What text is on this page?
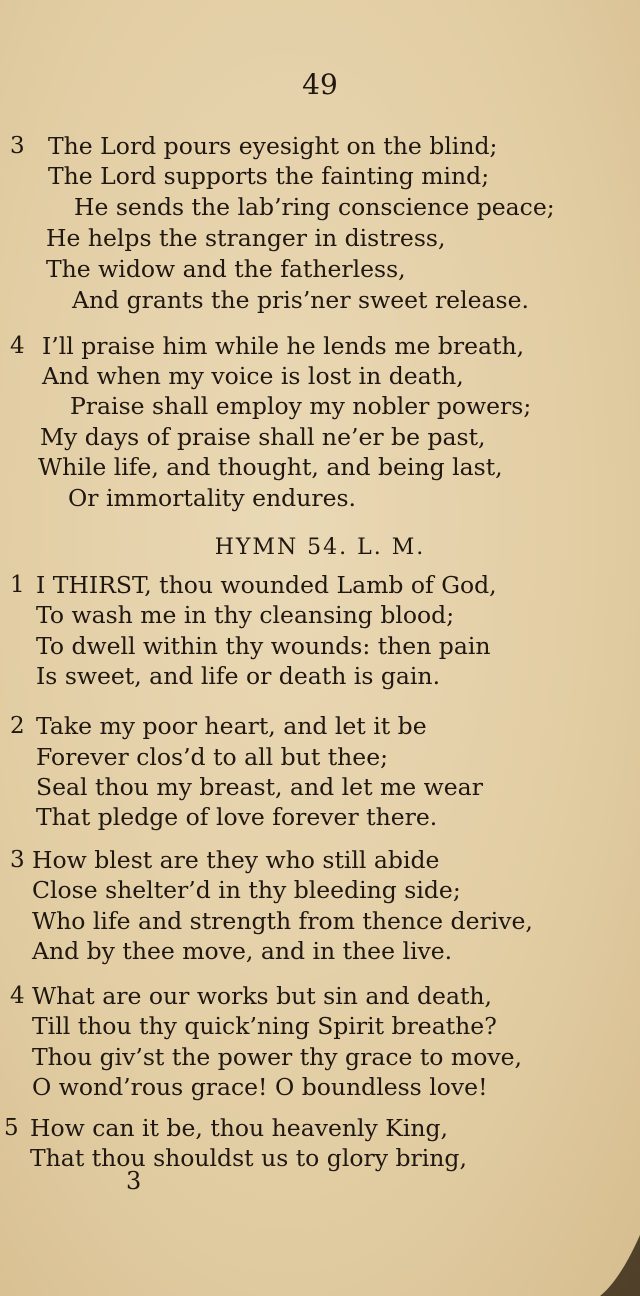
49
3 The Lord pours eyesight on the blind;
The Lord supports the fainting mind;
He sends the lab’ring conscience peace;
He helps the stranger in distress,
The widow and the fatherless,
And grants the pris’ner sweet release.
4 I’ll praise him while he lends me breath,
And when my voice is lost in death,
Praise shall employ my nobler powers;
My days of praise shall ne’er be past,
While life, and thought, and being last,
Or immortality endures.
HYMN 54. L. M.
1 I THIRST, thou wounded Lamb of God,
To wash me in thy cleansing blood;
To dwell within thy wounds: then pain
Is sweet, and life or death is gain.
2 Take my poor heart, and let it be
Forever clos’d to all but thee;
Seal thou my breast, and let me wear
That pledge of love forever there.
3 How blest are they who still abide
Close shelter’d in thy bleeding side;
Who life and strength from thence derive,
And by thee move, and in thee live.
4 What are our works but sin and death,
Till thou thy quick’ning Spirit breathe?
Thou giv’st the power thy grace to move,
O wond’rous grace! O boundless love!
5 How can it be, thou heavenly King,
That thou shouldst us to glory bring,
3
